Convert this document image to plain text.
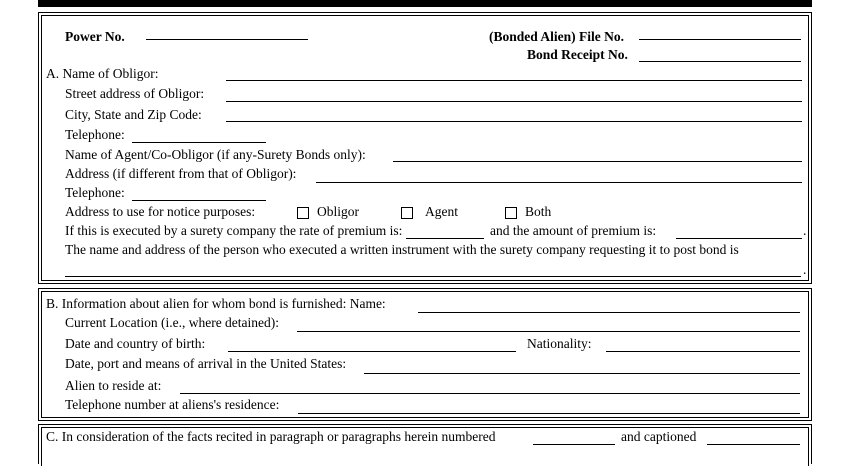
Power No.	(Bonded Alien) File No.
Bond Receipt No.
A. Name of Obligor:
Street address of Obligor:
City, State and Zip Code:
Telephone:
Name of Agent/Co-Obligor (if any-Surety Bonds only):
Address (if different from that of Obligor):
Telephone:
Address to use for notice purposes:	Obligor	Agent	Both
If this is executed by a surety company the rate of premium is:	and the amount of premium is:	.
The name and address of the person who executed a written instrument with the surety company requesting it to post bond is
.
B. Information about alien for whom bond is furnished: Name:
Current Location (i.e., where detained):
Date and country of birth:	Nationality:
Date, port and means of arrival in the United States:
Alien to reside at:
Telephone number at aliens's residence:
C. In consideration of the facts recited in paragraph or paragraphs herein numbered	and captioned
